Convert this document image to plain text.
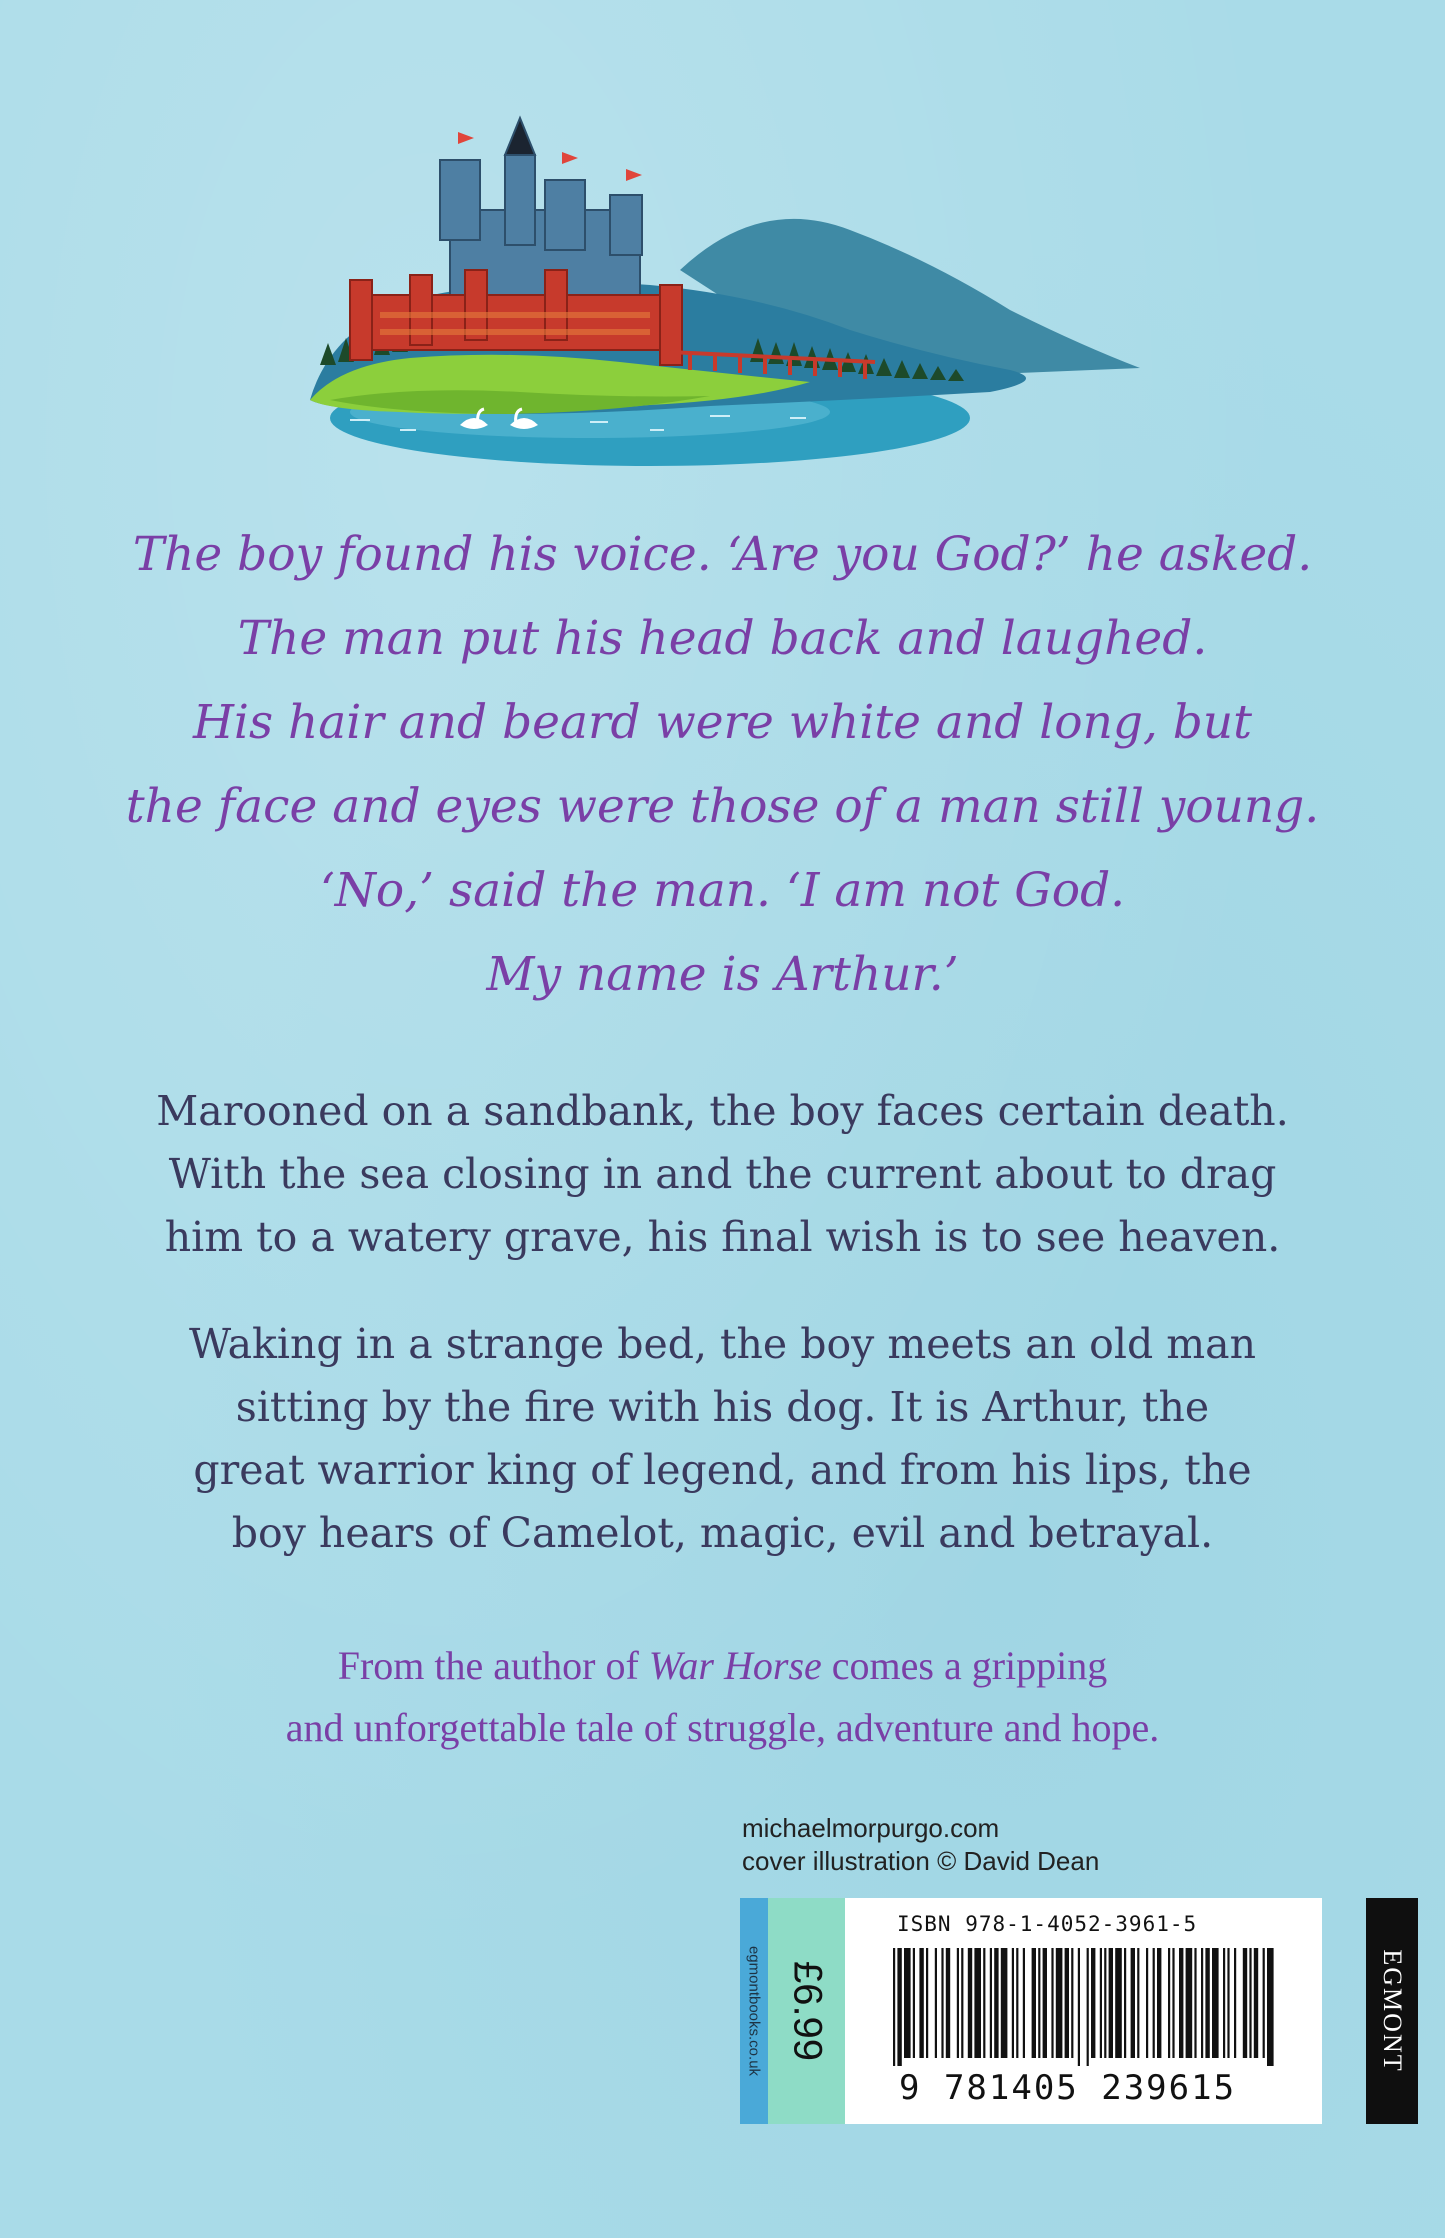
The boy found his voice. ‘Are you God?’ he asked.
The man put his head back and laughed.
His hair and beard were white and long, but
the face and eyes were those of a man still young.
‘No,’ said the man. ‘I am not God.
My name is Arthur.’
Marooned on a sandbank, the boy faces certain death.
With the sea closing in and the current about to drag
him to a watery grave, his final wish is to see heaven.
Waking in a strange bed, the boy meets an old man
sitting by the fire with his dog. It is Arthur, the
great warrior king of legend, and from his lips, the
boy hears of Camelot, magic, evil and betrayal.
From the author of War Horse comes a gripping
and unforgettable tale of struggle, adventure and hope.
michaelmorpurgo.com
cover illustration © David Dean
egmontbooks.co.uk £6.99
ISBN 978-1-4052-3961-5
9 781405 239615
EGMONT
